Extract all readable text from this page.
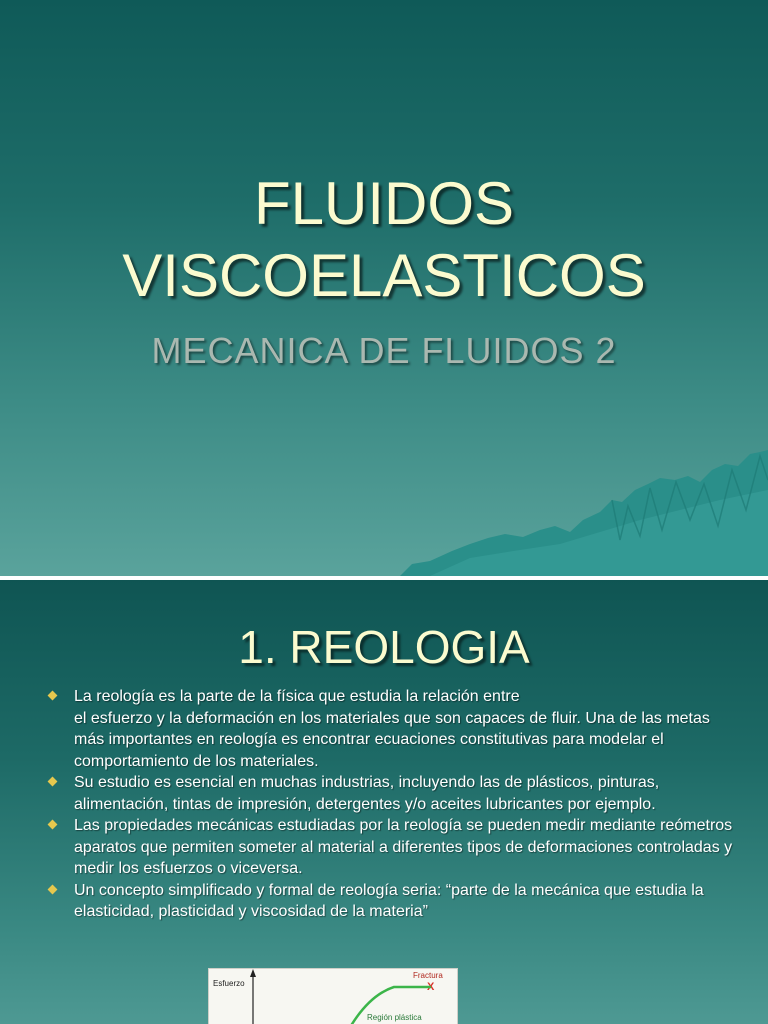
FLUIDOS
VISCOELASTICOS
MECANICA DE FLUIDOS 2
1. REOLOGIA
La reología es la parte de la física que estudia la relación entre
el esfuerzo y la deformación en los materiales que son capaces de fluir. Una de las metas más importantes en reología es encontrar ecuaciones constitutivas para modelar el comportamiento de los materiales.
Su estudio es esencial en muchas industrias, incluyendo las de plásticos, pinturas, alimentación, tintas de impresión, detergentes y/o aceites lubricantes por ejemplo.
Las propiedades mecánicas estudiadas por la reología se pueden medir mediante reómetros aparatos que permiten someter al material a diferentes tipos de deformaciones controladas y medir los esfuerzos o viceversa.
Un concepto simplificado y formal de reología seria: “parte de la mecánica que estudia la elasticidad, plasticidad y viscosidad de la materia”
Esfuerzo
Fractura
X
Región plástica
